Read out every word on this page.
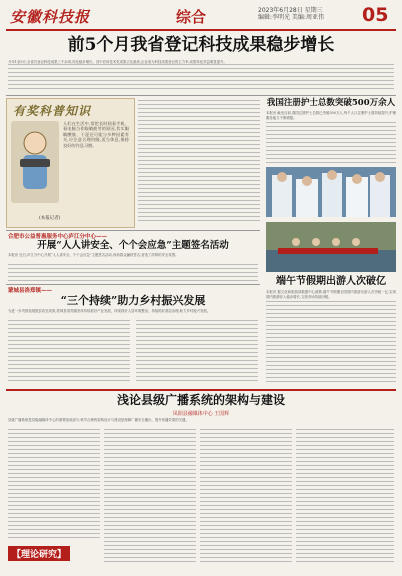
安徽科技报	综合	2023年6月28日 星期三
编辑:李明光 美编:周亚伟 05
前5个月我省登记科技成果稳步增长
今年1至5月,全省共登记科技成果三千余项,同比稳步增长。其中应用技术类成果占比最高,企业成为科技成果登记的主力军,成果转化效益明显提升。
有奖科普知识
人们在生活中,常把长时间看手机、看电脑当作眼睛疲劳的原因,其实眼睛酸胀、干涩还可能与多种因素有关,应注意合理用眼,适当休息,保持良好的作息习惯。
(本报记者)
我国注册护士总数突破500万余人
本报讯 截至目前,我国注册护士总数已突破500万人,每千人口注册护士数持续提升,护理服务能力不断增强。
合肥市公益普惠服务中心庐江分中心——
开展“人人讲安全、个个会应急”主题签名活动
本报讯 近日,庐江分中心开展“人人讲安全、个个会应急”主题签名活动,现场群众踊跃签名,营造了浓厚的安全氛围。
蒙城县洛郑镇——
“三个持续”助力乡村振兴发展
为进一步巩固拓展脱贫攻坚成果,蒙城县洛郑镇坚持持续抓好产业发展、持续抓好人居环境整治、持续抓好基层治理,助力乡村振兴发展。
端午节假期出游人次破亿
本报讯 据文化和旅游部数据中心测算,端午节假期全国国内旅游出游人次突破一亿,实现国内旅游收入稳步增长,文旅市场持续回暖。
浅论县级广播系统的架构与建设
凤阳县融媒体中心 王国辉
县级广播系统是县级融媒体中心的重要组成部分,科学合理的架构设计与建设是保障广播安全播出、提升传播效果的关键。
【理论研究】
